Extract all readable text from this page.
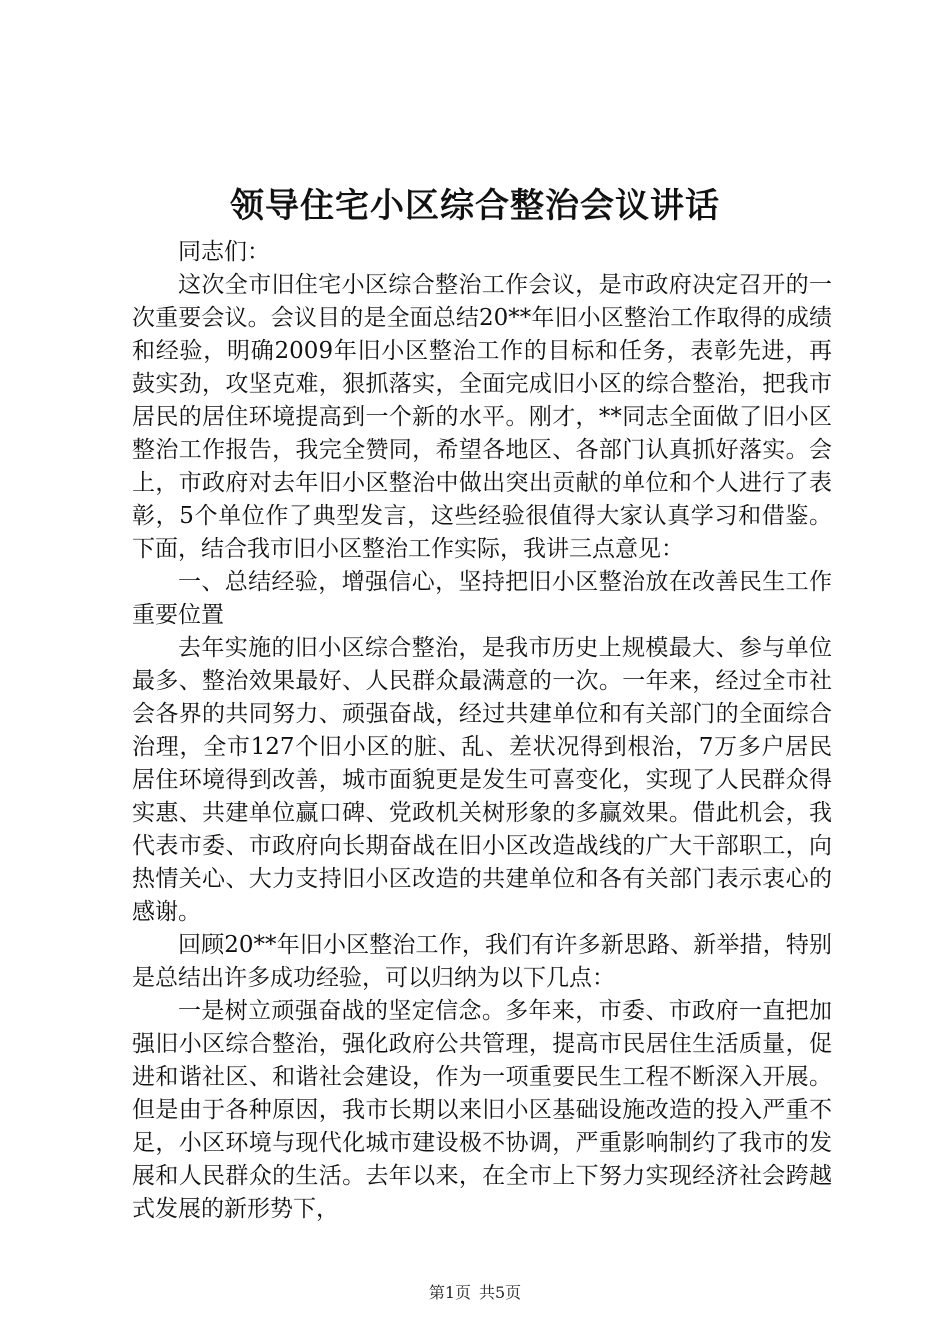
领导住宅小区综合整治会议讲话

同志们：

这次全市旧住宅小区综合整治工作会议，是市政府决定召开的一次重要会议。会议目的是全面总结20**年旧小区整治工作取得的成绩和经验，明确2009年旧小区整治工作的目标和任务，表彰先进，再鼓实劲，攻坚克难，狠抓落实，全面完成旧小区的综合整治，把我市居民的居住环境提高到一个新的水平。刚才，**同志全面做了旧小区整治工作报告，我完全赞同，希望各地区、各部门认真抓好落实。会上，市政府对去年旧小区整治中做出突出贡献的单位和个人进行了表彰，5个单位作了典型发言，这些经验很值得大家认真学习和借鉴。下面，结合我市旧小区整治工作实际，我讲三点意见：

一、总结经验，增强信心，坚持把旧小区整治放在改善民生工作重要位置

去年实施的旧小区综合整治，是我市历史上规模最大、参与单位最多、整治效果最好、人民群众最满意的一次。一年来，经过全市社会各界的共同努力、顽强奋战，经过共建单位和有关部门的全面综合治理，全市127个旧小区的脏、乱、差状况得到根治，7万多户居民居住环境得到改善，城市面貌更是发生可喜变化，实现了人民群众得实惠、共建单位赢口碑、党政机关树形象的多赢效果。借此机会，我代表市委、市政府向长期奋战在旧小区改造战线的广大干部职工，向热情关心、大力支持旧小区改造的共建单位和各有关部门表示衷心的感谢。

回顾20**年旧小区整治工作，我们有许多新思路、新举措，特别是总结出许多成功经验，可以归纳为以下几点：

一是树立顽强奋战的坚定信念。多年来，市委、市政府一直把加强旧小区综合整治，强化政府公共管理，提高市民居住生活质量，促进和谐社区、和谐社会建设，作为一项重要民生工程不断深入开展。但是由于各种原因，我市长期以来旧小区基础设施改造的投入严重不足，小区环境与现代化城市建设极不协调，严重影响制约了我市的发展和人民群众的生活。去年以来，在全市上下努力实现经济社会跨越式发展的新形势下，

第1页 共5页
